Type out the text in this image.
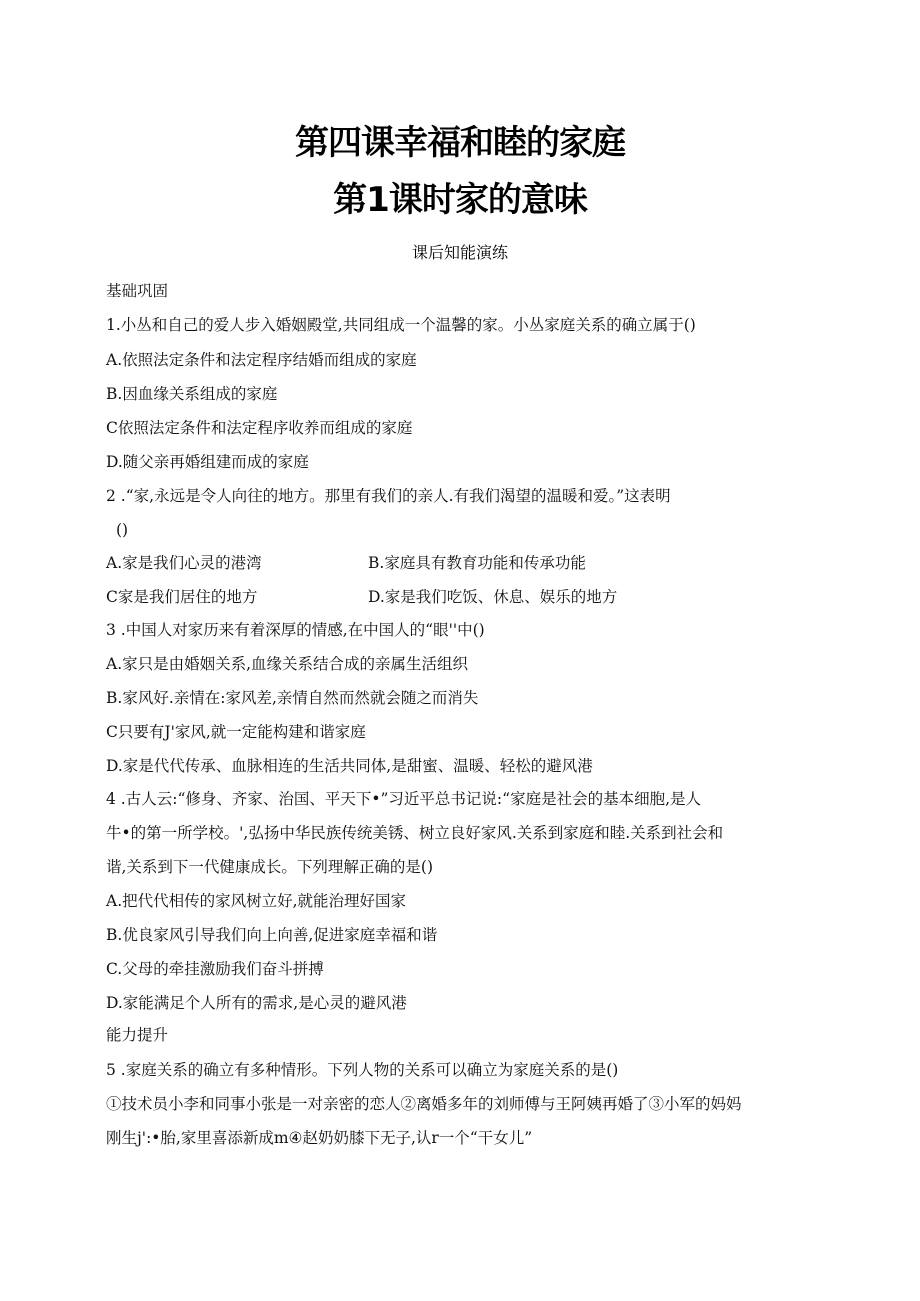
第四课幸福和睦的家庭
第1课时家的意味
课后知能演练
基础巩固
1.小丛和自己的爱人步入婚姻殿堂,共同组成一个温馨的家。小丛家庭关系的确立属于()
A.依照法定条件和法定程序结婚而组成的家庭
B.因血缘关系组成的家庭
C依照法定条件和法定程序收养而组成的家庭
D.随父亲再婚组建而成的家庭
2 .“家,永远是令人向往的地方。那里有我们的亲人.有我们渴望的温暖和爱。”这表明
()
A.家是我们心灵的港湾	B.家庭具有教育功能和传承功能
C家是我们居住的地方	D.家是我们吃饭、休息、娱乐的地方
3 .中国人对家历来有着深厚的情感,在中国人的“眼''中()
A.家只是由婚姻关系,血缘关系结合成的亲属生活组织
B.家风好.亲情在:家风差,亲情自然而然就会随之而消失
C只要有J'家风,就一定能构建和谐家庭
D.家是代代传承、血脉相连的生活共同体,是甜蜜、温暖、轻松的避风港
4 .古人云:“修身、齐家、治国、平天下•”习近平总书记说:“家庭是社会的基本细胞,是人
牛•的第一所学校。',弘扬中华民族传统美锈、树立良好家风.关系到家庭和睦.关系到社会和
谐,关系到下一代健康成长。下列理解正确的是()
A.把代代相传的家风树立好,就能治理好国家
B.优良家风引导我们向上向善,促进家庭幸福和谐
C.父母的牵挂激励我们奋斗拼搏
D.家能满足个人所有的需求,是心灵的避风港
能力提升
5 .家庭关系的确立有多种情形。下列人物的关系可以确立为家庭关系的是()
①技术员小李和同事小张是一对亲密的恋人②离婚多年的刘师傅与王阿姨再婚了③小军的妈妈
刚生j':•胎,家里喜添新成m④赵奶奶膝下无子,认r一个“干女儿”
